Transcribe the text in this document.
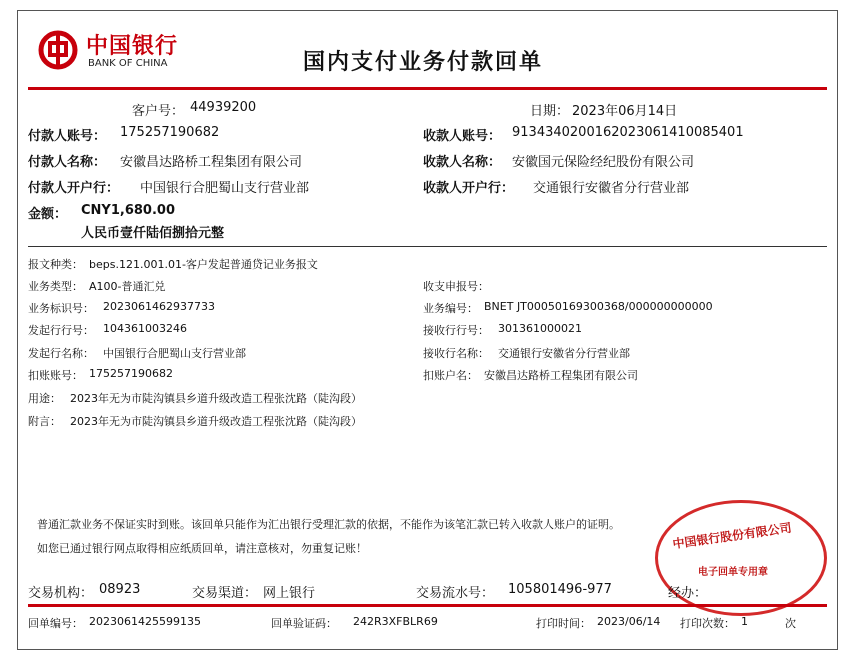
中国银行
BANK OF CHINA	国内支付业务付款回单
客户号： 44939200	日期： 2023年06月14日
付款人账号： 175257190682	收款人账号： 9134340200162023061410085401
付款人名称： 安徽昌达路桥工程集团有限公司	收款人名称： 安徽国元保险经纪股份有限公司
付款人开户行： 中国银行合肥蜀山支行营业部	收款人开户行： 交通银行安徽省分行营业部
金额： CNY1,680.00
人民币壹仟陆佰捌拾元整
报文种类： beps.121.001.01-客户发起普通贷记业务报文
业务类型： A100-普通汇兑	收支申报号：
业务标识号： 2023061462937733	业务编号： BNET JT00050169300368/000000000000
发起行行号： 104361003246	接收行行号： 301361000021
发起行名称： 中国银行合肥蜀山支行营业部	接收行名称： 交通银行安徽省分行营业部
扣账账号： 175257190682	扣账户名： 安徽昌达路桥工程集团有限公司
用途： 2023年无为市陡沟镇县乡道升级改造工程张沈路（陡沟段）
附言： 2023年无为市陡沟镇县乡道升级改造工程张沈路（陡沟段）
普通汇款业务不保证实时到账。该回单只能作为汇出银行受理汇款的依据，不能作为该笔汇款已转入收款人账户的证明。
如您已通过银行网点取得相应纸质回单，请注意核对，勿重复记账！	中国银行股份有限公司
电子回单专用章
交易机构： 08923	交易渠道： 网上银行	交易流水号： 105801496-977	经办：
回单编号： 2023061425599135	回单验证码： 242R3XFBLR69	打印时间： 2023/06/14 打印次数： 1	次
